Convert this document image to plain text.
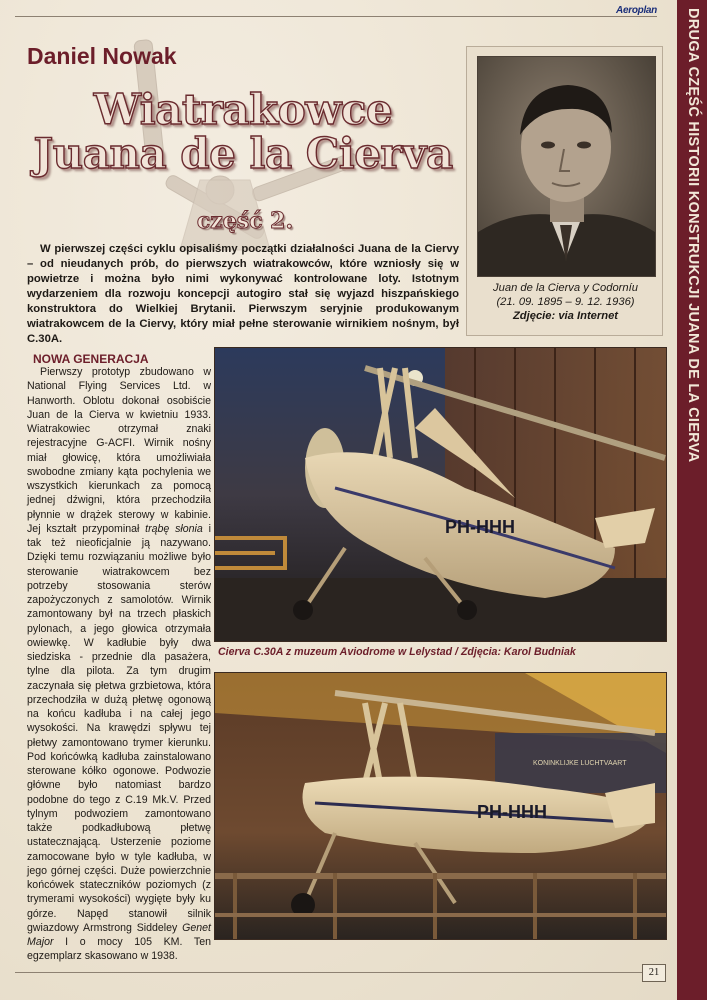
Aeroplan DRUGA CZĘŚĆ HISTORII KONSTRUKCJI JUANA DE LA CIERVA
Daniel Nowak
Wiatrakowce
Juana de la Cierva
część 2.
Juan de la Cierva y Codorníu
(21. 09. 1895 – 9. 12. 1936)
Zdjęcie: via Internet
W pierwszej części cyklu opisaliśmy początki działalności Juana de la Ciervy – od nieudanych prób, do pierwszych wiatrakowców, które wzniosły się w powietrze i można było nimi wykonywać kontrolowane loty. Istotnym wydarzeniem dla rozwoju koncepcji autogiro stał się wyjazd hiszpańskiego konstruktora do Wielkiej Brytanii. Pierwszym seryjnie produkowanym wiatrakowcem de la Ciervy, który miał pełne sterowanie wirnikiem nośnym, był C.30A.
NOWA GENERACJA
Pierwszy prototyp zbudowano w National Flying Services Ltd. w Hanworth. Oblotu dokonał osobiście Juan de la Cierva w kwietniu 1933. Wiatrakowiec otrzymał znaki rejestracyjne G-ACFI. Wirnik nośny miał głowicę, która umożliwiała swobodne zmiany kąta pochylenia we wszystkich kierunkach za pomocą jednej dźwigni, która przechodziła płynnie w drążek sterowy w kabinie. Jej kształt przypominał trąbę słonia i tak też nieoficjalnie ją nazywano. Dzięki temu rozwiązaniu możliwe było sterowanie wiatrakowcem bez potrzeby stosowania sterów zapożyczonych z samolotów. Wirnik zamontowany był na trzech płaskich pylonach, a jego głowica otrzymała owiewkę. W kadłubie były dwa siedziska - przednie dla pasażera, tylne dla pilota. Za tym drugim zaczynała się płetwa grzbietowa, która przechodziła w dużą płetwę ogonową na końcu kadłuba i na całej jego wysokości. Na krawędzi spływu tej płetwy zamontowano trymer kierunku. Pod końcówką kadłuba zainstalowano sterowane kółko ogonowe. Podwozie główne było natomiast bardzo podobne do tego z C.19 Mk.V. Przed tylnym podwoziem zamontowano także podkadłubową płetwę ustatecznającą. Usterzenie poziome zamocowane było w tyle kadłuba, w jego górnej części. Duże powierzchnie końcówek stateczników poziomych (z trymerami wysokości) wygięte były ku górze. Napęd stanowił silnik gwiazdowy Armstrong Siddeley Genet Major I o mocy 105 KM. Ten egzemplarz skasowano w 1938.
PH-HHH
Cierva C.30A z muzeum Aviodrome w Lelystad / Zdjęcia: Karol Budniak
KONINKLIJKE LUCHTVAART
PH-HHH
21
